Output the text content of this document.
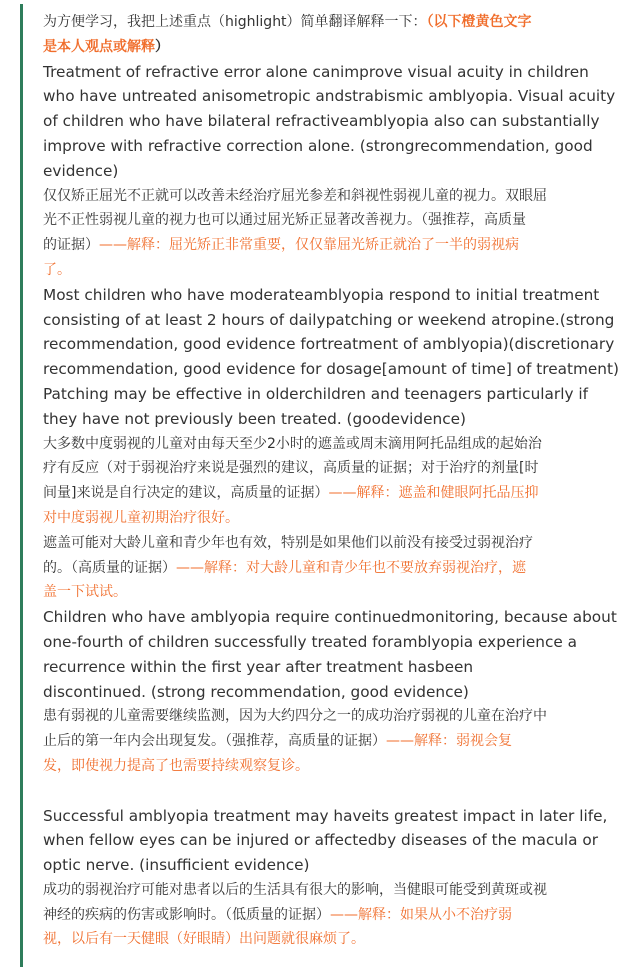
为方便学习，我把上述重点（highlight）简单翻译解释一下：（以下橙黄色文字
是本人观点或解释）
Treatment of refractive error alone canimprove visual acuity in children
who have untreated anisometropic andstrabismic amblyopia. Visual acuity
of children who have bilateral refractiveamblyopia also can substantially
improve with refractive correction alone. (strongrecommendation, good
evidence)
仅仅矫正屈光不正就可以改善未经治疗屈光参差和斜视性弱视儿童的视力。双眼屈
光不正性弱视儿童的视力也可以通过屈光矫正显著改善视力。（强推荐，高质量
的证据）——解释：屈光矫正非常重要，仅仅靠屈光矫正就治了一半的弱视病
了。
Most children who have moderateamblyopia respond to initial treatment
consisting of at least 2 hours of dailypatching or weekend atropine.(strong
recommendation, good evidence fortreatment of amblyopia)(discretionary
recommendation, good evidence for dosage[amount of time] of treatment)
Patching may be effective in olderchildren and teenagers particularly if
they have not previously been treated. (goodevidence)
大多数中度弱视的儿童对由每天至少2小时的遮盖或周末滴用阿托品组成的起始治
疗有反应（对于弱视治疗来说是强烈的建议，高质量的证据；对于治疗的剂量[时
间量]来说是自行决定的建议，高质量的证据）——解释：遮盖和健眼阿托品压抑
对中度弱视儿童初期治疗很好。
遮盖可能对大龄儿童和青少年也有效，特别是如果他们以前没有接受过弱视治疗
的。（高质量的证据）——解释：对大龄儿童和青少年也不要放弃弱视治疗，遮
盖一下试试。
Children who have amblyopia require continuedmonitoring, because about
one-fourth of children successfully treated foramblyopia experience a
recurrence within the first year after treatment hasbeen
discontinued. (strong recommendation, good evidence)
患有弱视的儿童需要继续监测，因为大约四分之一的成功治疗弱视的儿童在治疗中
止后的第一年内会出现复发。（强推荐，高质量的证据）——解释：弱视会复
发，即使视力提高了也需要持续观察复诊。
Successful amblyopia treatment may haveits greatest impact in later life,
when fellow eyes can be injured or affectedby diseases of the macula or
optic nerve. (insufficient evidence)
成功的弱视治疗可能对患者以后的生活具有很大的影响，当健眼可能受到黄斑或视
神经的疾病的伤害或影响时。（低质量的证据）——解释：如果从小不治疗弱
视，以后有一天健眼（好眼睛）出问题就很麻烦了。
